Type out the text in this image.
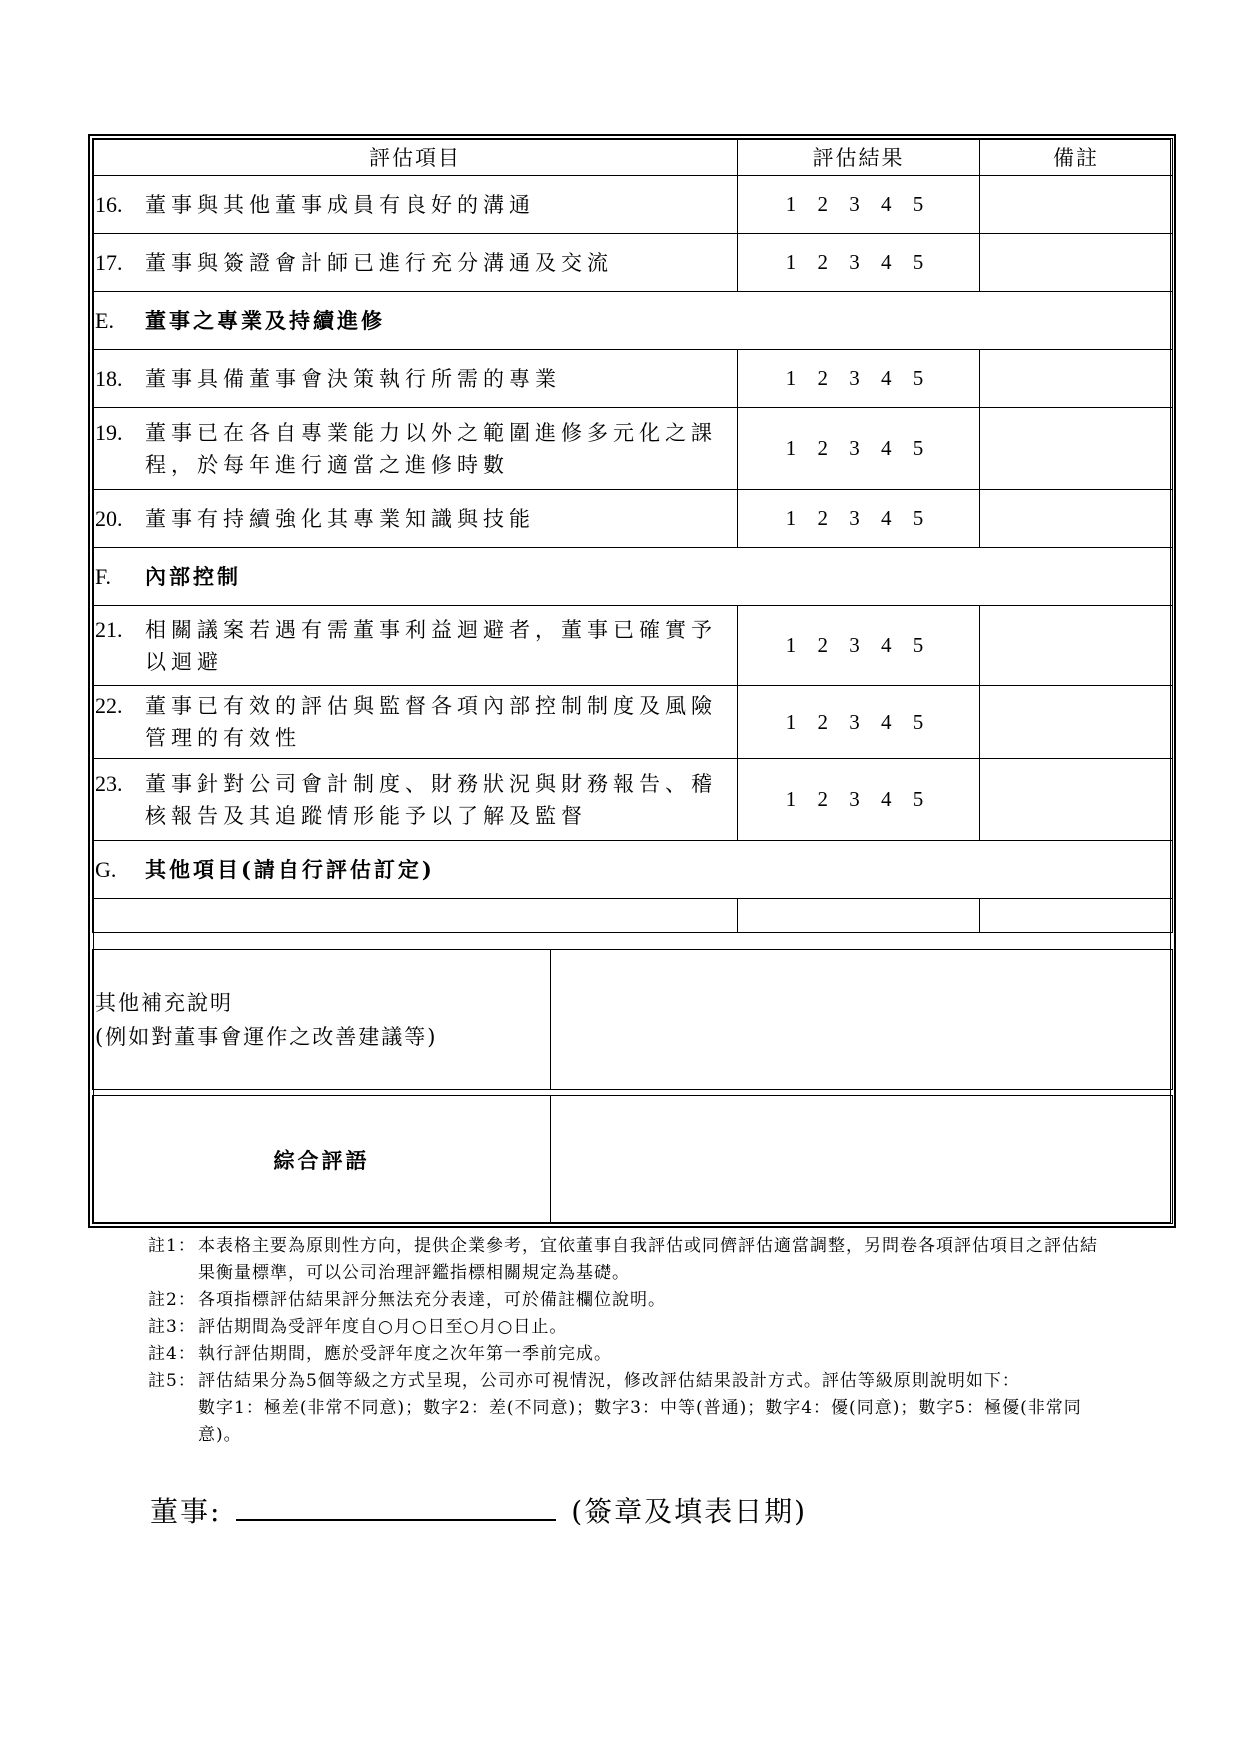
評估項目	評估結果	備註

16. 董事與其他董事成員有良好的溝通	1 2 3 4 5	

17. 董事與簽證會計師已進行充分溝通及交流	1 2 3 4 5	

E. 董事之專業及持續進修		

18. 董事具備董事會決策執行所需的專業	1 2 3 4 5	

19. 董事已在各自專業能力以外之範圍進修多元化之課程，於每年進行適當之進修時數	1 2 3 4 5	

20. 董事有持續強化其專業知識與技能	1 2 3 4 5	

F. 內部控制		

21. 相關議案若遇有需董事利益迴避者，董事已確實予以迴避	1 2 3 4 5	

22. 董事已有效的評估與監督各項內部控制制度及風險管理的有效性	1 2 3 4 5	

23. 董事針對公司會計制度、財務狀況與財務報告、稽核報告及其追蹤情形能予以了解及監督	1 2 3 4 5	

G. 其他項目(請自行評估訂定)		

其他補充說明
(例如對董事會運作之改善建議等)

綜合評語	
註1： 本表格主要為原則性方向，提供企業參考，宜依董事自我評估或同儕評估適當調整，另問卷各項評估項目之評估結果衡量標準，可以公司治理評鑑指標相關規定為基礎。
註2： 各項指標評估結果評分無法充分表達，可於備註欄位說明。
註3： 評估期間為受評年度自○月○日至○月○日止。
註4： 執行評估期間，應於受評年度之次年第一季前完成。
註5： 評估結果分為5個等級之方式呈現，公司亦可視情況，修改評估結果設計方式。評估等級原則說明如下：
數字1：極差(非常不同意)；數字2：差(不同意)；數字3：中等(普通)；數字4：優(同意)；數字5：極優(非常同意)。
董事:	(簽章及填表日期)
